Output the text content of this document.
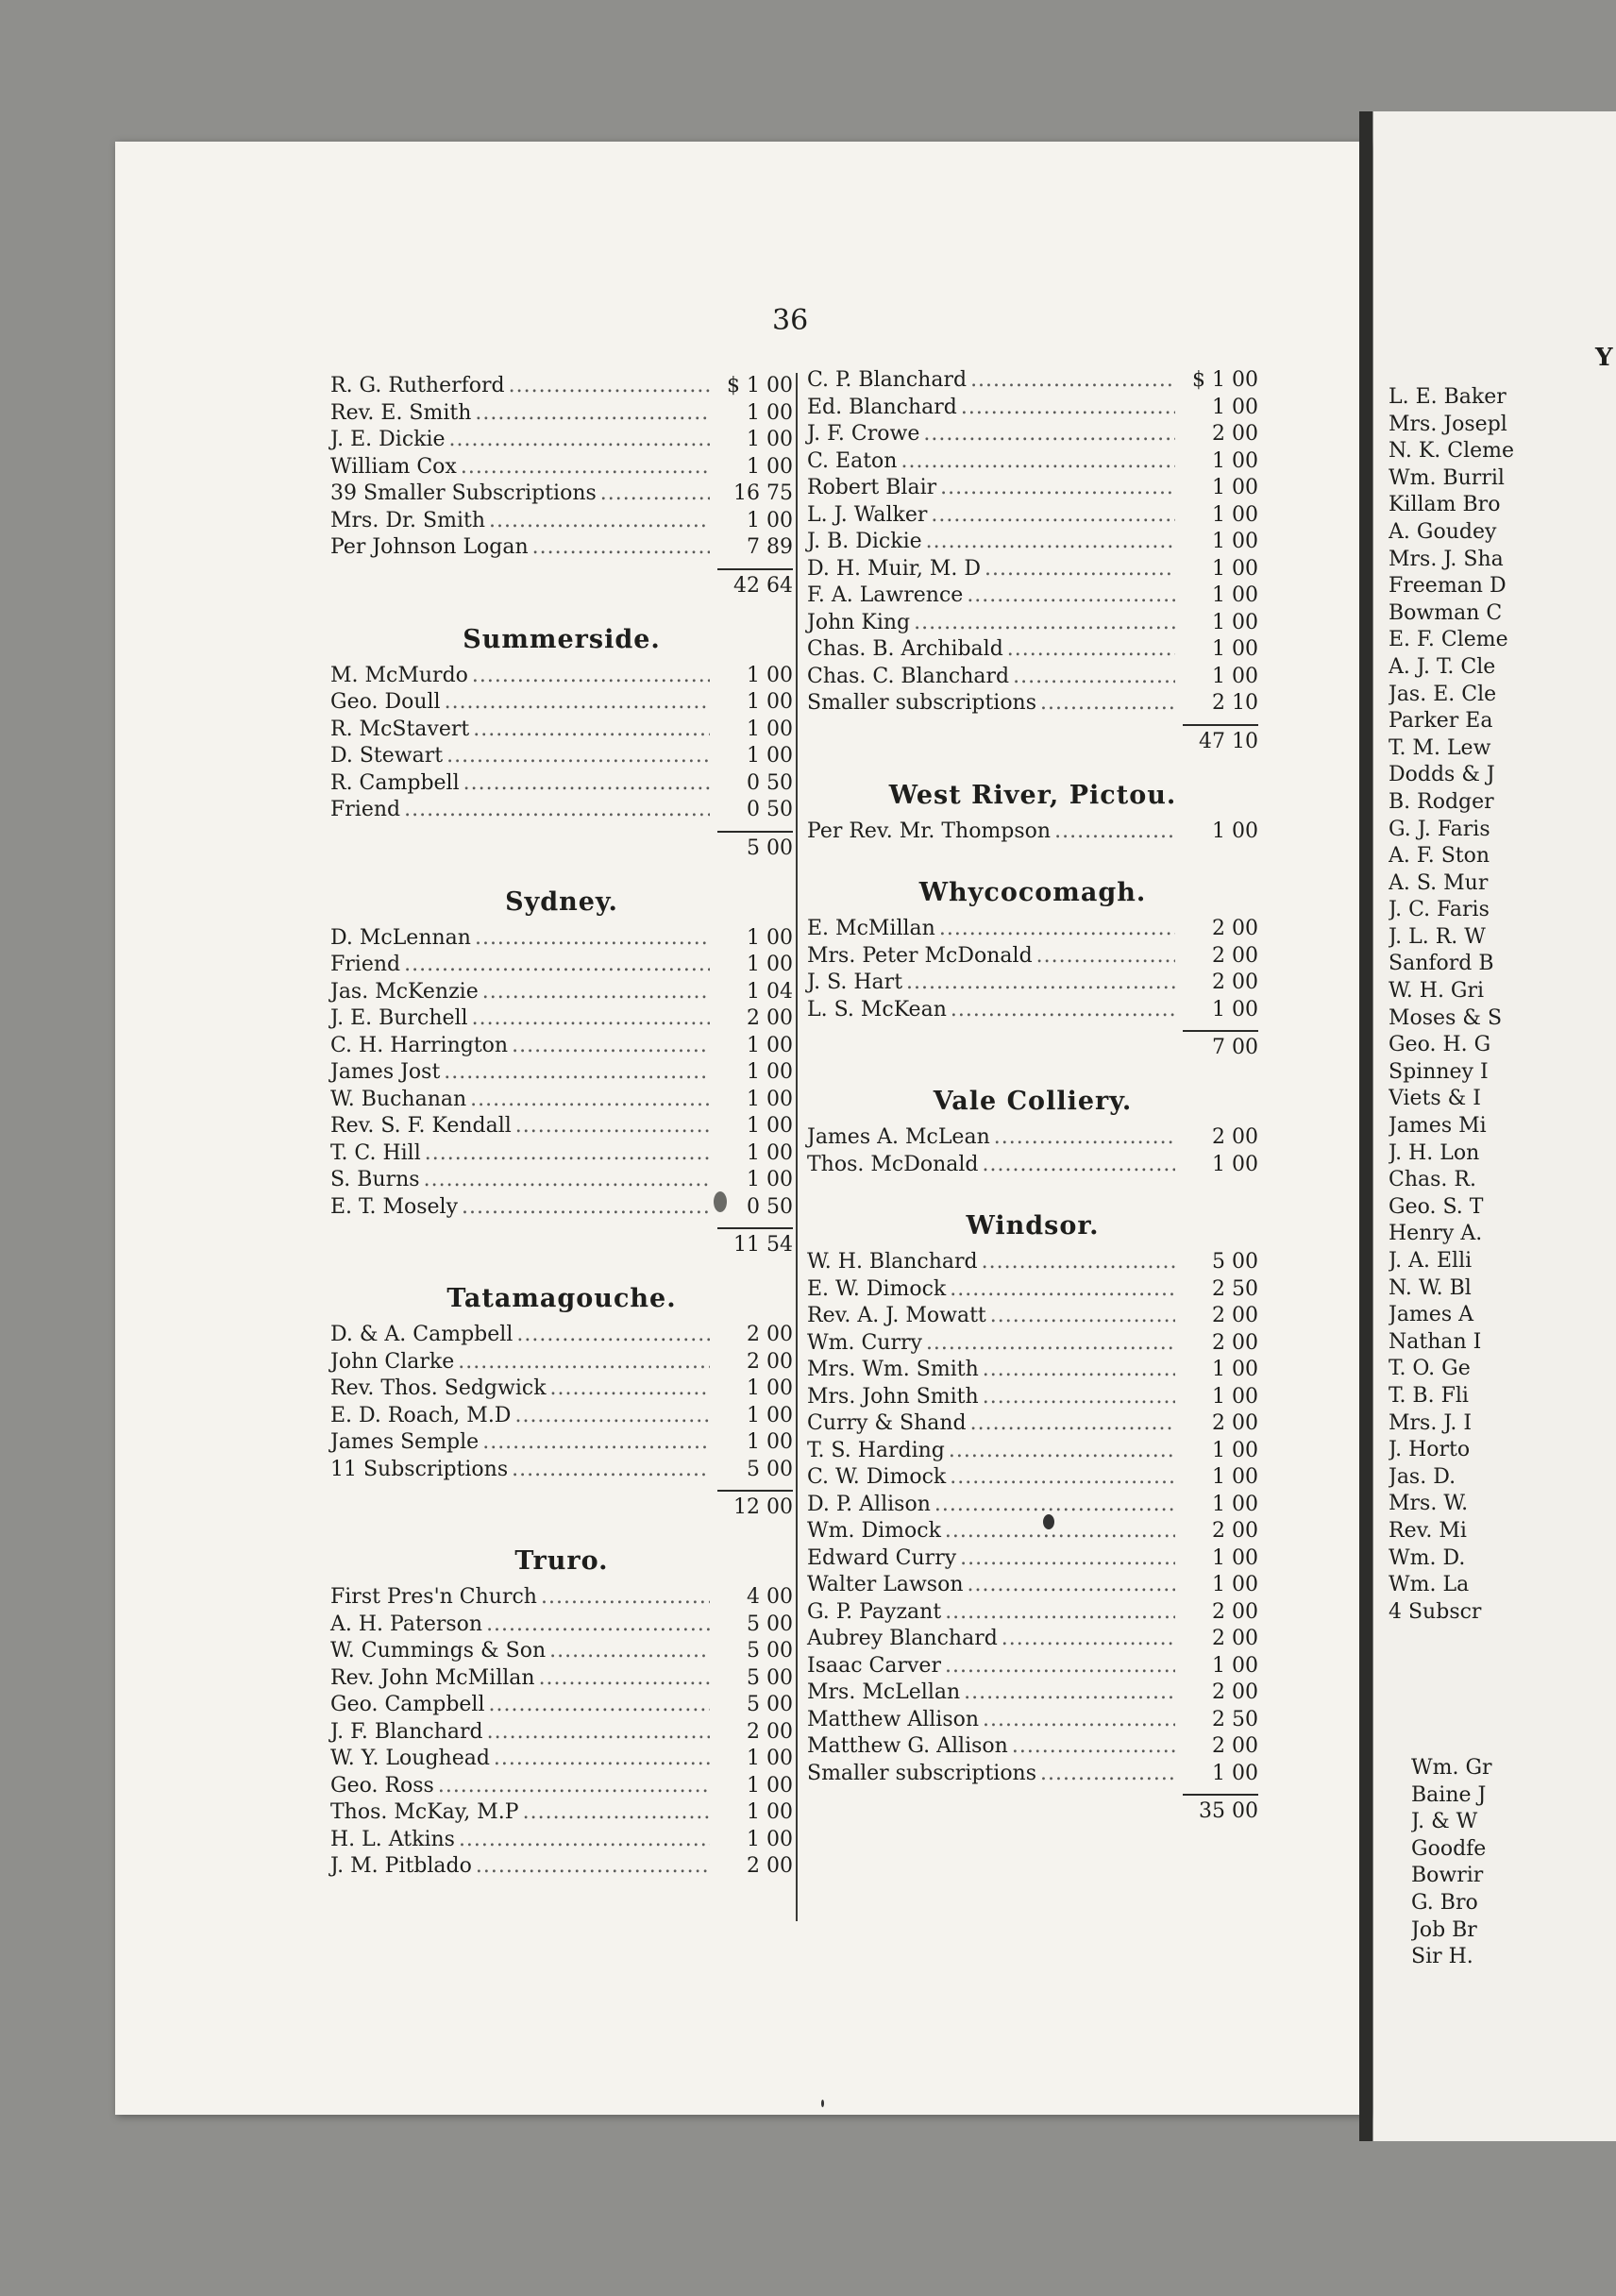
Y
L. E. Baker
Mrs. Josepl
N. K. Cleme
Wm. Burril
Killam Bro
A. Goudey
Mrs. J. Sha
Freeman D
Bowman C
E. F. Cleme
A. J. T. Cle
Jas. E. Cle
Parker Ea
T. M. Lew
Dodds & J
B. Rodger
G. J. Faris
A. F. Ston
A. S. Mur
J. C. Faris
J. L. R. W
Sanford B
W. H. Gri
Moses & S
Geo. H. G
Spinney I
Viets & I
James Mi
J. H. Lon
Chas. R.
Geo. S. T
Henry A.
J. A. Elli
N. W. Bl
James A
Nathan I
T. O. Ge
T. B. Fli
Mrs. J. I
J. Horto
Jas. D.
Mrs. W.
Rev. Mi
Wm. D.
Wm. La
4 Subscr
Wm. Gr
Baine J
J. & W
Goodfe
Bowrir
G. Bro
Job Br
Sir H.
36
R. G. Rutherford .....	$ 1 00
Rev. E. Smith .....	1 00
J. E. Dickie .....	1 00
William Cox .....	1 00
39 Smaller Subscriptions .....	16 75
Mrs. Dr. Smith .....	1 00
Per Johnson Logan .....	7 89
42 64
Summerside.
M. McMurdo .....	1 00
Geo. Doull .....	1 00
R. McStavert .....	1 00
D. Stewart .....	1 00
R. Campbell .....	0 50
Friend .....	0 50
5 00
Sydney.
D. McLennan .....	1 00
Friend .....	1 00
Jas. McKenzie .....	1 04
J. E. Burchell .....	2 00
C. H. Harrington .....	1 00
James Jost .....	1 00
W. Buchanan .....	1 00
Rev. S. F. Kendall .....	1 00
T. C. Hill .....	1 00
S. Burns .....	1 00
E. T. Mosely .....	0 50
11 54
Tatamagouche.
D. & A. Campbell .....	2 00
John Clarke .....	2 00
Rev. Thos. Sedgwick .....	1 00
E. D. Roach, M.D .....	1 00
James Semple .....	1 00
11 Subscriptions .....	5 00
12 00
Truro.
First Pres'n Church .....	4 00
A. H. Paterson .....	5 00
W. Cummings & Son .....	5 00
Rev. John McMillan .....	5 00
Geo. Campbell .....	5 00
J. F. Blanchard .....	2 00
W. Y. Loughead .....	1 00
Geo. Ross .....	1 00
Thos. McKay, M.P .....	1 00
H. L. Atkins .....	1 00
J. M. Pitblado .....	2 00
C. P. Blanchard .....	$ 1 00
Ed. Blanchard .....	1 00
J. F. Crowe .....	2 00
C. Eaton .....	1 00
Robert Blair .....	1 00
L. J. Walker .....	1 00
J. B. Dickie .....	1 00
D. H. Muir, M. D .....	1 00
F. A. Lawrence .....	1 00
John King .....	1 00
Chas. B. Archibald .....	1 00
Chas. C. Blanchard .....	1 00
Smaller subscriptions .....	2 10
47 10
West River, Pictou.
Per Rev. Mr. Thompson .....	1 00
Whycocomagh.
E. McMillan .....	2 00
Mrs. Peter McDonald .....	2 00
J. S. Hart .....	2 00
L. S. McKean .....	1 00
7 00
Vale Colliery.
James A. McLean .....	2 00
Thos. McDonald .....	1 00
Windsor.
W. H. Blanchard .....	5 00
E. W. Dimock .....	2 50
Rev. A. J. Mowatt .....	2 00
Wm. Curry .....	2 00
Mrs. Wm. Smith .....	1 00
Mrs. John Smith .....	1 00
Curry & Shand .....	2 00
T. S. Harding .....	1 00
C. W. Dimock .....	1 00
D. P. Allison .....	1 00
Wm. Dimock .....	2 00
Edward Curry .....	1 00
Walter Lawson .....	1 00
G. P. Payzant .....	2 00
Aubrey Blanchard .....	2 00
Isaac Carver .....	1 00
Mrs. McLellan .....	2 00
Matthew Allison .....	2 50
Matthew G. Allison .....	2 00
Smaller subscriptions .....	1 00
35 00
